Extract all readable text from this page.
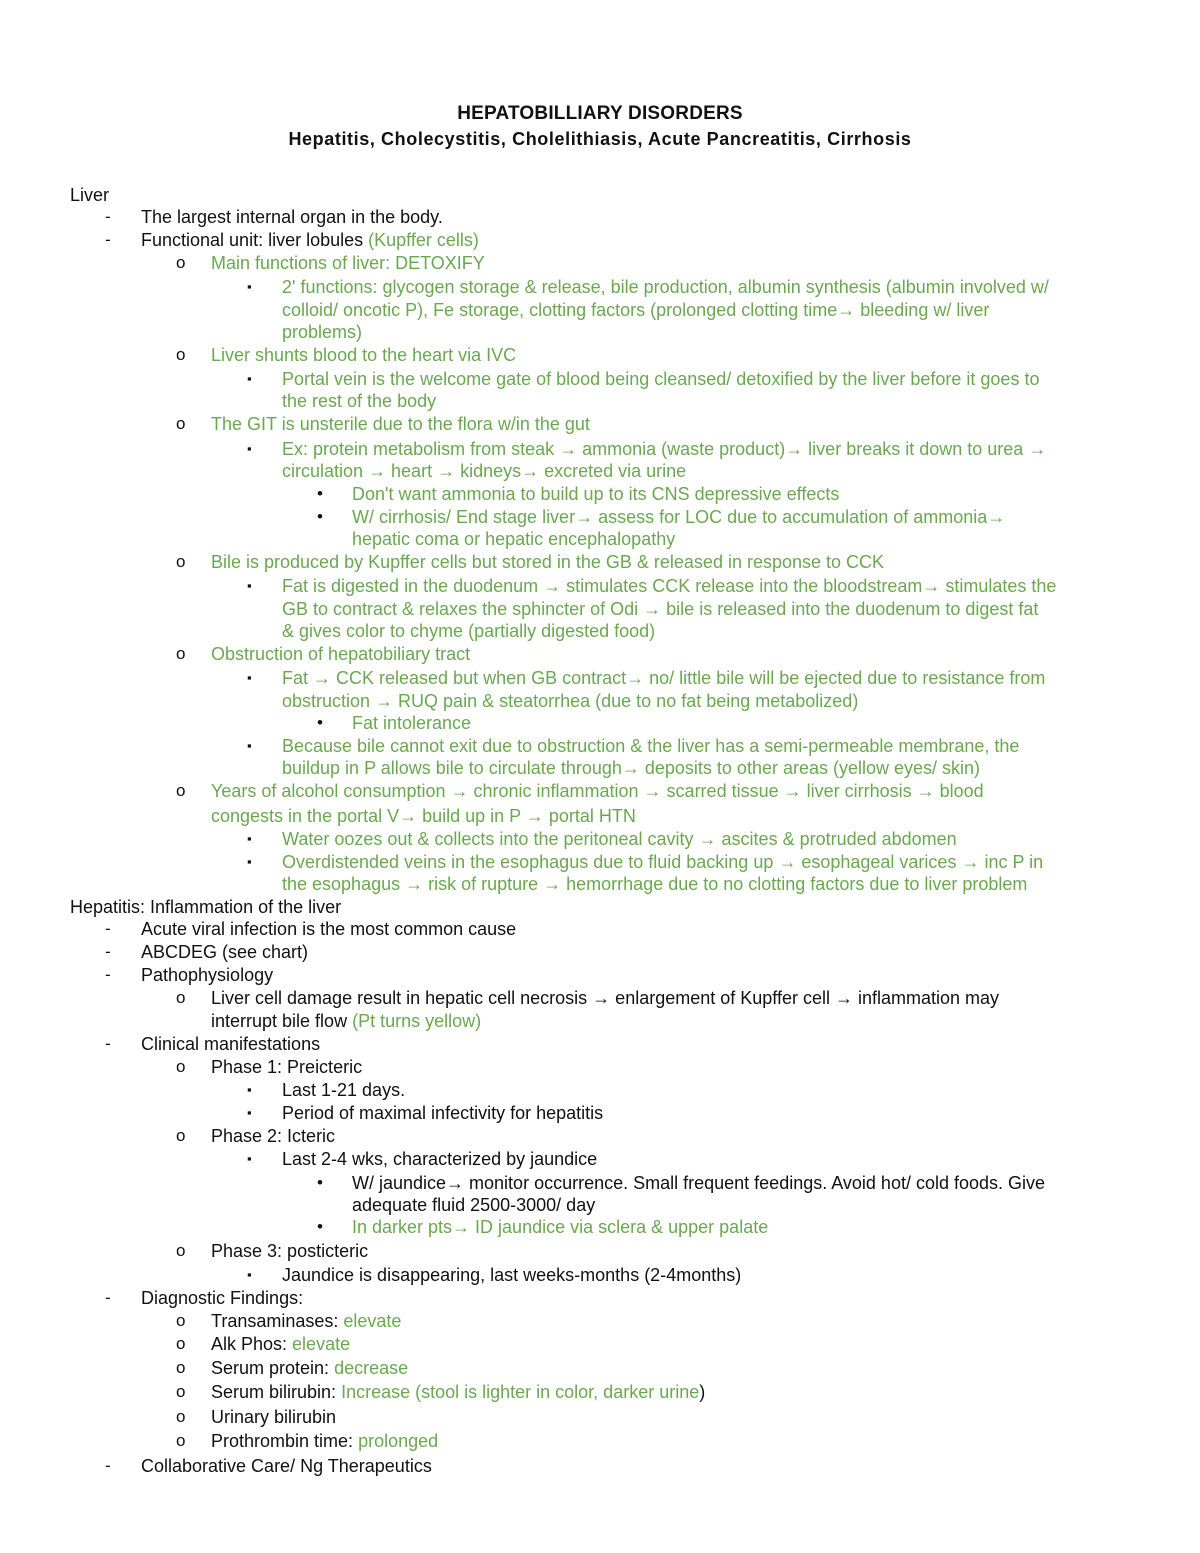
HEPATOBILLIARY DISORDERS
Hepatitis, Cholecystitis, Cholelithiasis, Acute Pancreatitis, Cirrhosis
Liver
- The largest internal organ in the body.
- Functional unit: liver lobules (Kupffer cells)
o Main functions of liver: DETOXIFY
▪ 2' functions: glycogen storage & release, bile production, albumin synthesis (albumin involved w/
colloid/ oncotic P), Fe storage, clotting factors (prolonged clotting time→ bleeding w/ liver
problems)
o Liver shunts blood to the heart via IVC
▪ Portal vein is the welcome gate of blood being cleansed/ detoxified by the liver before it goes to
the rest of the body
o The GIT is unsterile due to the flora w/in the gut
▪ Ex: protein metabolism from steak → ammonia (waste product)→ liver breaks it down to urea →
circulation → heart → kidneys→ excreted via urine
• Don't want ammonia to build up to its CNS depressive effects
• W/ cirrhosis/ End stage liver→ assess for LOC due to accumulation of ammonia→
hepatic coma or hepatic encephalopathy
o Bile is produced by Kupffer cells but stored in the GB & released in response to CCK
▪ Fat is digested in the duodenum → stimulates CCK release into the bloodstream→ stimulates the
GB to contract & relaxes the sphincter of Odi → bile is released into the duodenum to digest fat
& gives color to chyme (partially digested food)
o Obstruction of hepatobiliary tract
▪ Fat → CCK released but when GB contract→ no/ little bile will be ejected due to resistance from
obstruction → RUQ pain & steatorrhea (due to no fat being metabolized)
• Fat intolerance
▪ Because bile cannot exit due to obstruction & the liver has a semi-permeable membrane, the
buildup in P allows bile to circulate through→ deposits to other areas (yellow eyes/ skin)
o Years of alcohol consumption → chronic inflammation → scarred tissue → liver cirrhosis → blood
congests in the portal V→ build up in P → portal HTN
▪ Water oozes out & collects into the peritoneal cavity → ascites & protruded abdomen
▪ Overdistended veins in the esophagus due to fluid backing up → esophageal varices → inc P in
the esophagus → risk of rupture → hemorrhage due to no clotting factors due to liver problem
Hepatitis: Inflammation of the liver
- Acute viral infection is the most common cause
- ABCDEG (see chart)
- Pathophysiology
o Liver cell damage result in hepatic cell necrosis → enlargement of Kupffer cell → inflammation may
interrupt bile flow (Pt turns yellow)
- Clinical manifestations
o Phase 1: Preicteric
▪ Last 1-21 days.
▪ Period of maximal infectivity for hepatitis
o Phase 2: Icteric
▪ Last 2-4 wks, characterized by jaundice
• W/ jaundice→ monitor occurrence. Small frequent feedings. Avoid hot/ cold foods. Give
adequate fluid 2500-3000/ day
• In darker pts→ ID jaundice via sclera & upper palate
o Phase 3: posticteric
▪ Jaundice is disappearing, last weeks-months (2-4months)
- Diagnostic Findings:
o Transaminases: elevate
o Alk Phos: elevate
o Serum protein: decrease
o Serum bilirubin: Increase (stool is lighter in color, darker urine)
o Urinary bilirubin
o Prothrombin time: prolonged
- Collaborative Care/ Ng Therapeutics
